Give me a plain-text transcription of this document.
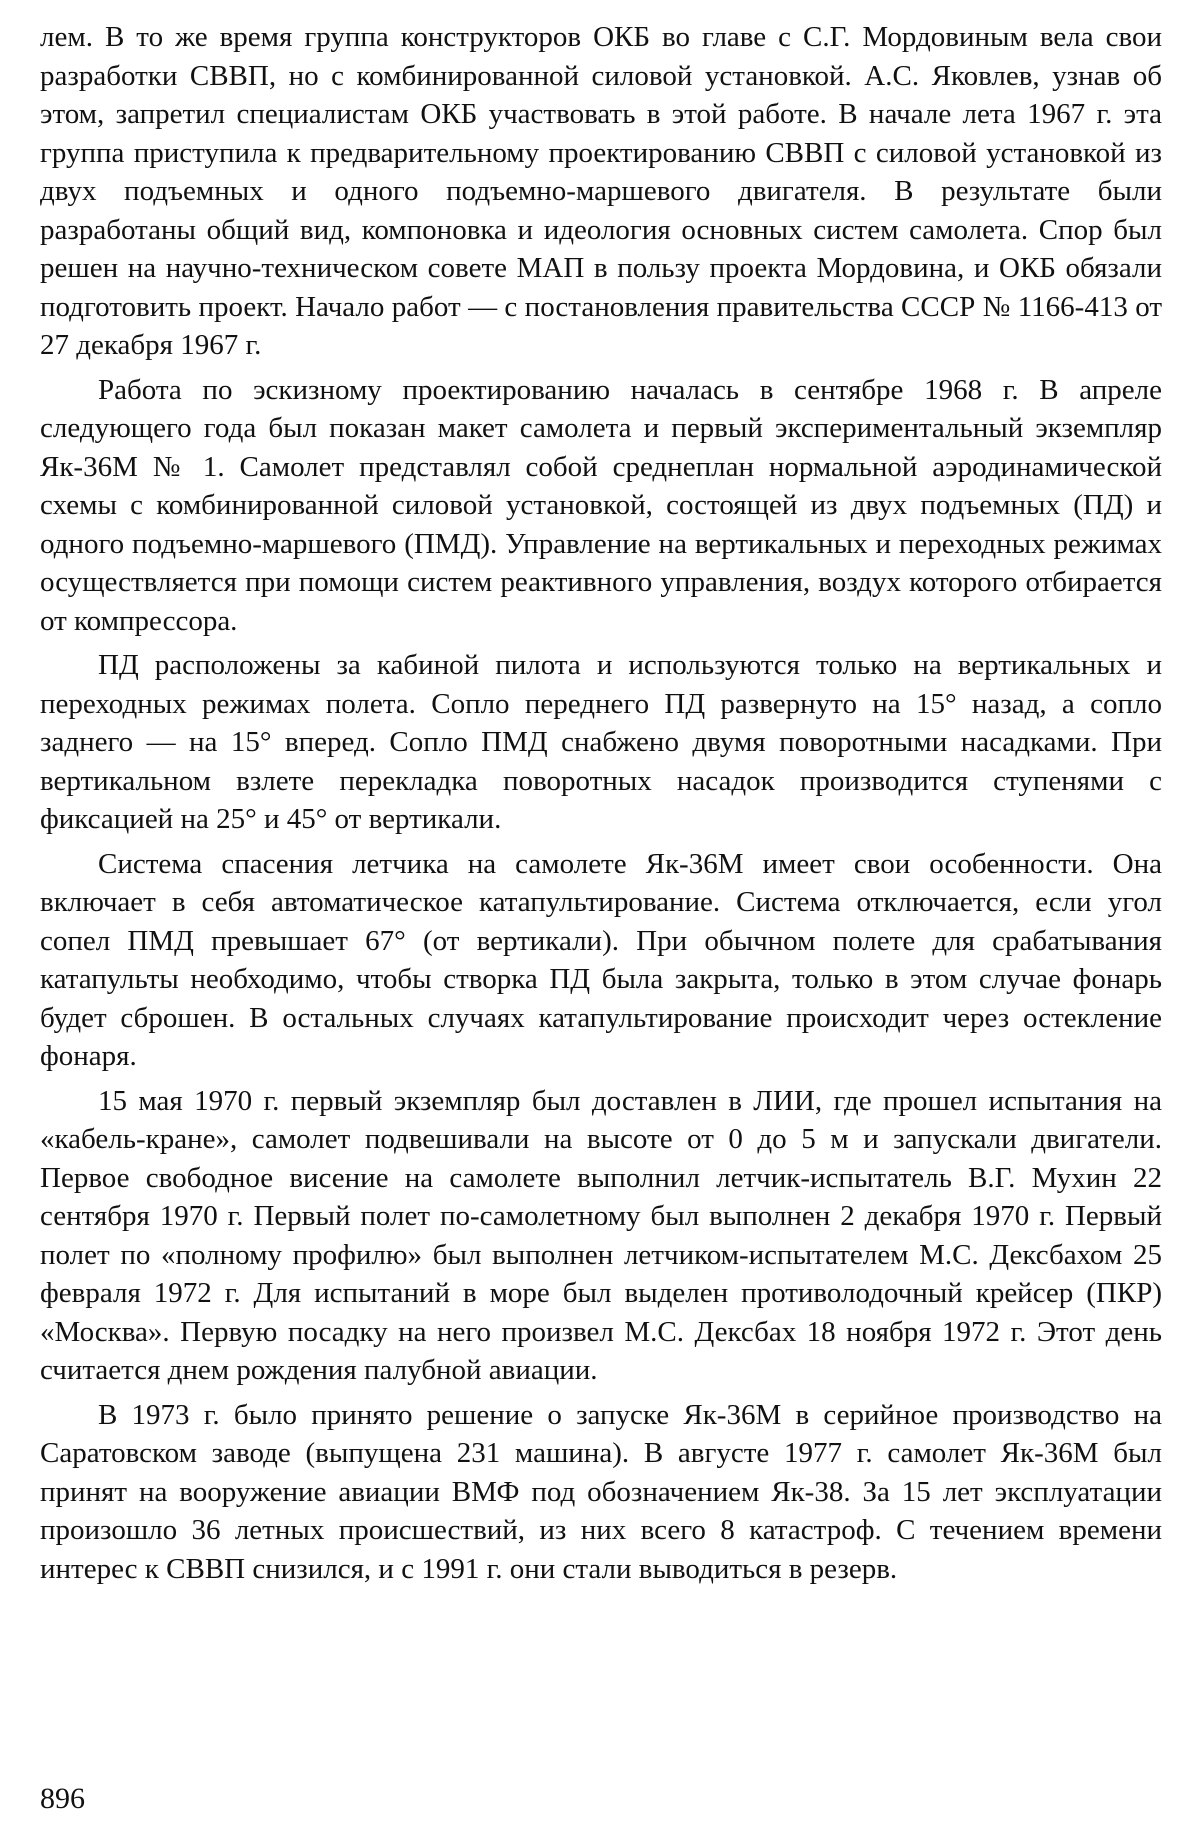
лем. В то же время группа конструкторов ОКБ во главе с С.Г. Мордовиным вела свои разработки СВВП, но с комбинированной силовой установкой. А.С. Яковлев, узнав об этом, запретил специалистам ОКБ участвовать в этой работе. В начале лета 1967 г. эта группа приступила к предварительному проектированию СВВП с силовой установкой из двух подъемных и одного подъемно-маршевого двигателя. В результате были разработаны общий вид, компоновка и идеология основных систем самолета. Спор был решен на научно-техническом совете МАП в пользу проекта Мордовина, и ОКБ обязали подготовить проект. Начало работ — с постановления правительства СССР № 1166-413 от 27 декабря 1967 г.

Работа по эскизному проектированию началась в сентябре 1968 г. В апреле следующего года был показан макет самолета и первый экспериментальный экземпляр Як-36М № 1. Самолет представлял собой среднеплан нормальной аэродинамической схемы с комбинированной силовой установкой, состоящей из двух подъемных (ПД) и одного подъемно-маршевого (ПМД). Управление на вертикальных и переходных режимах осуществляется при помощи систем реактивного управления, воздух которого отбирается от компрессора.

ПД расположены за кабиной пилота и используются только на вертикальных и переходных режимах полета. Сопло переднего ПД развернуто на 15° назад, а сопло заднего — на 15° вперед. Сопло ПМД снабжено двумя поворотными насадками. При вертикальном взлете перекладка поворотных насадок производится ступенями с фиксацией на 25° и 45° от вертикали.

Система спасения летчика на самолете Як-36М имеет свои особенности. Она включает в себя автоматическое катапультирование. Система отключается, если угол сопел ПМД превышает 67° (от вертикали). При обычном полете для срабатывания катапульты необходимо, чтобы створка ПД была закрыта, только в этом случае фонарь будет сброшен. В остальных случаях катапультирование происходит через остекление фонаря.

15 мая 1970 г. первый экземпляр был доставлен в ЛИИ, где прошел испытания на «кабель-кране», самолет подвешивали на высоте от 0 до 5 м и запускали двигатели. Первое свободное висение на самолете выполнил летчик-испытатель В.Г. Мухин 22 сентября 1970 г. Первый полет по-самолетному был выполнен 2 декабря 1970 г. Первый полет по «полному профилю» был выполнен летчиком-испытателем М.С. Дексбахом 25 февраля 1972 г. Для испытаний в море был выделен противолодочный крейсер (ПКР) «Москва». Первую посадку на него произвел М.С. Дексбах 18 ноября 1972 г. Этот день считается днем рождения палубной авиации.

В 1973 г. было принято решение о запуске Як-36М в серийное производство на Саратовском заводе (выпущена 231 машина). В августе 1977 г. самолет Як-36М был принят на вооружение авиации ВМФ под обозначением Як-38. За 15 лет эксплуатации произошло 36 летных происшествий, из них всего 8 катастроф. С течением времени интерес к СВВП снизился, и с 1991 г. они стали выводиться в резерв.

896
